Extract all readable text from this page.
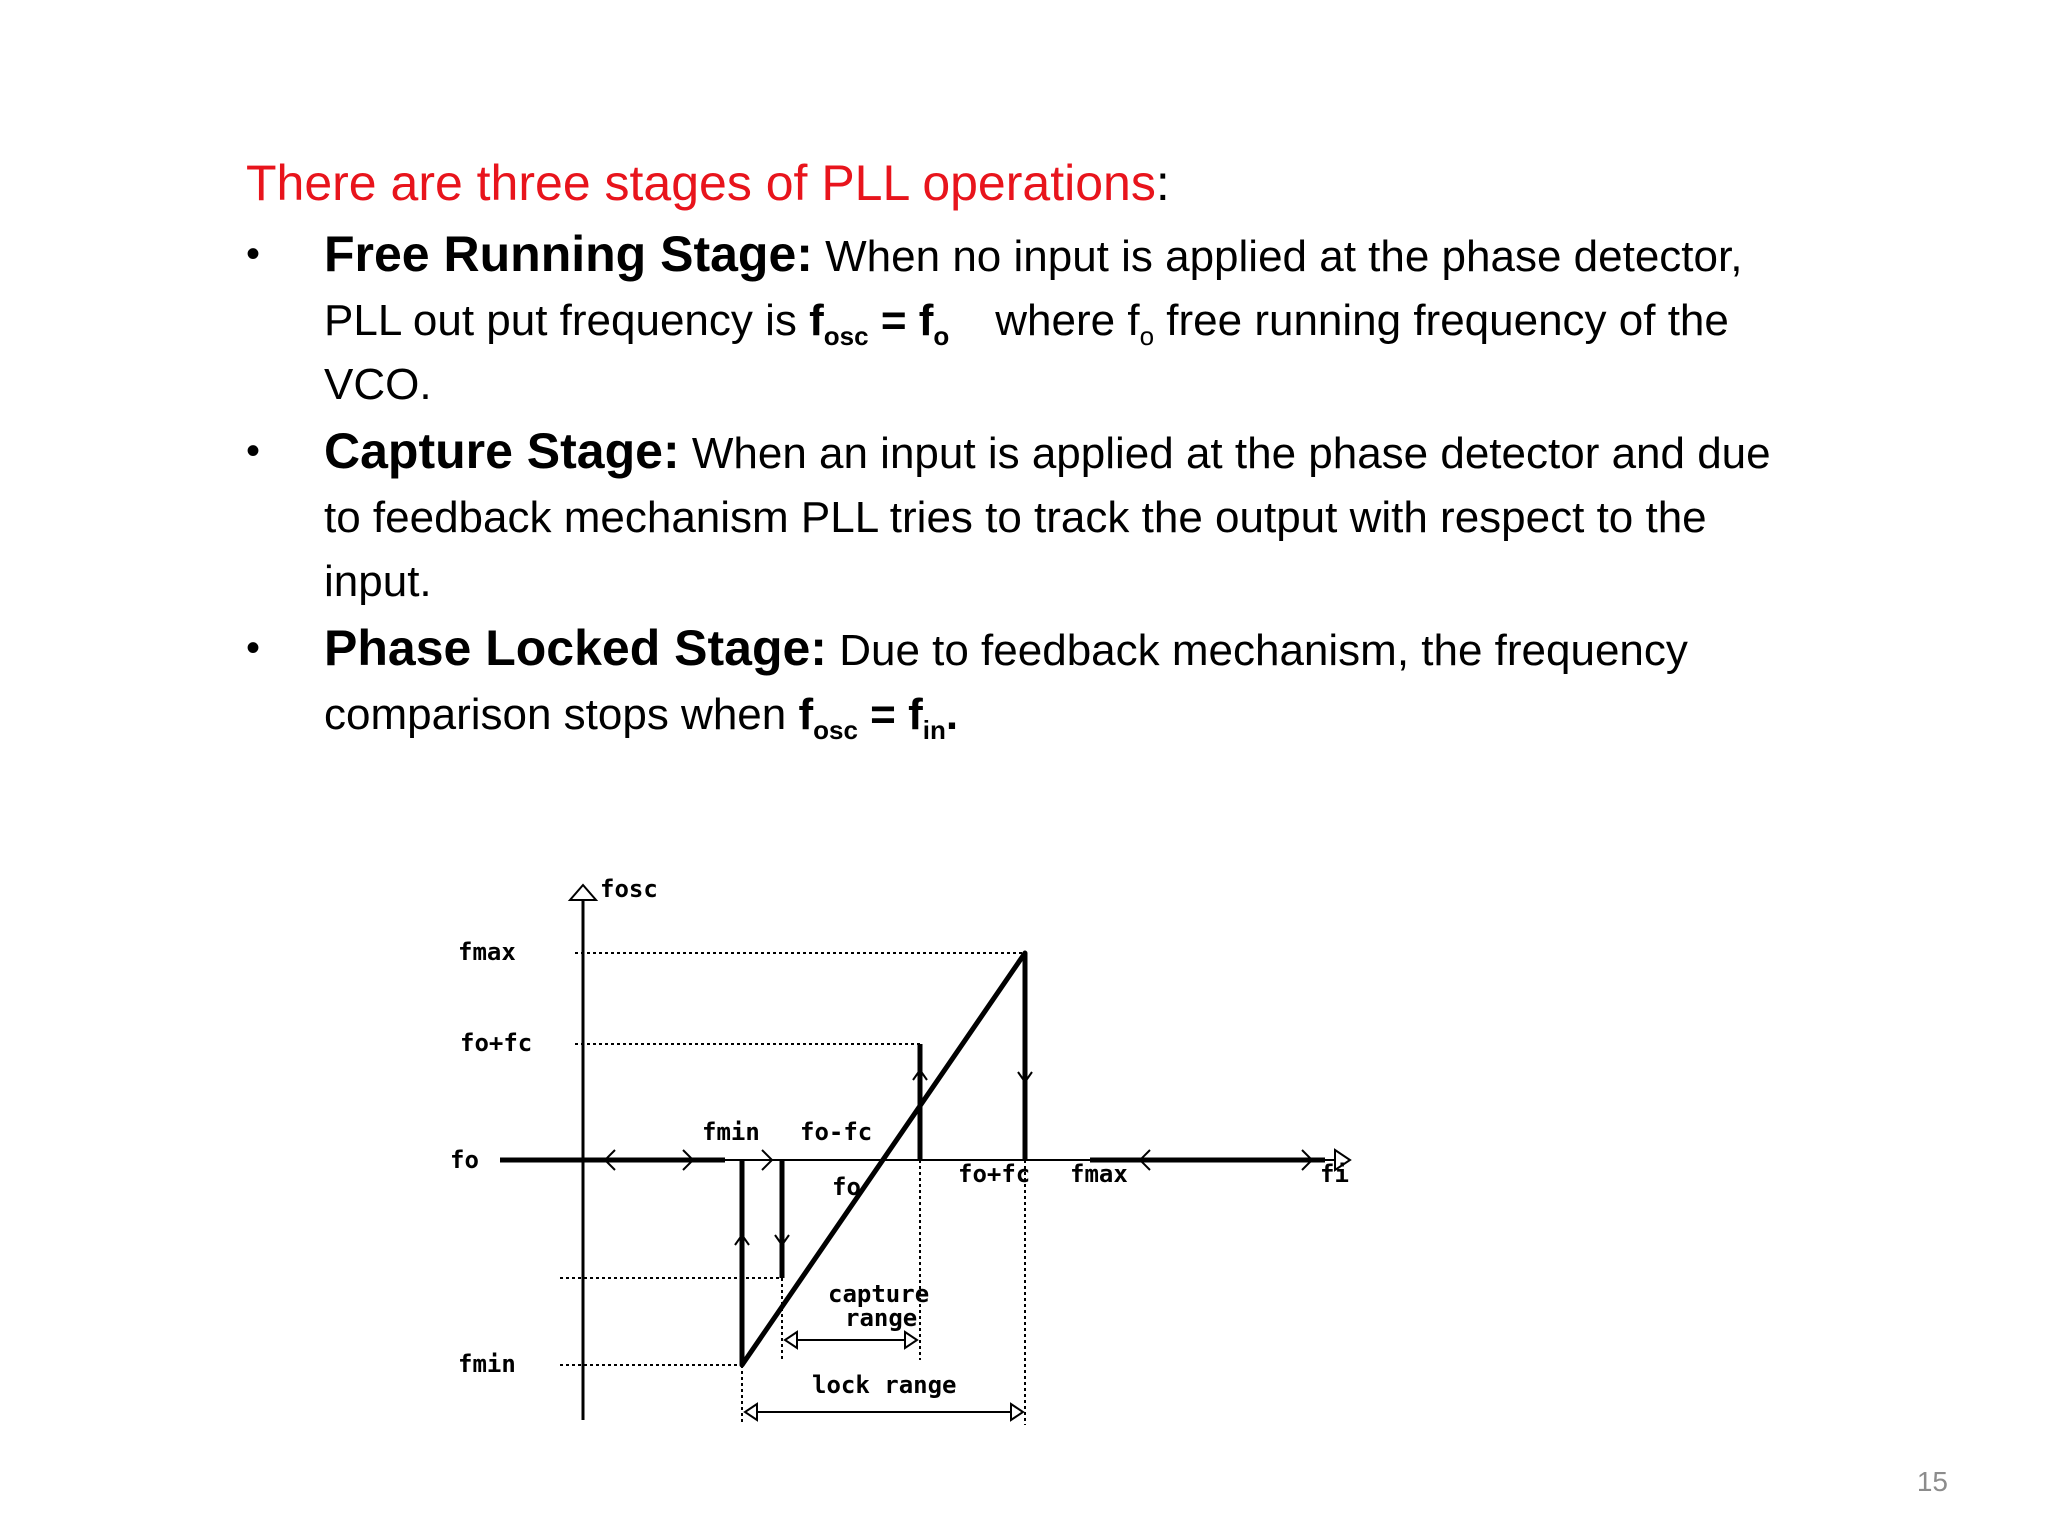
There are three stages of PLL operations:

• Free Running Stage: When no input is applied at the phase detector, PLL out put frequency is $f_{osc} = f_o$ where $f_o$ free running frequency of the VCO.
• Capture Stage: When an input is applied at the phase detector and due to feedback mechanism PLL tries to track the output with respect to the input.
• Phase Locked Stage: Due to feedback mechanism, the frequency comparison stops when $f_{osc} = f_{in}$.
fosc
fmax
fo+fc
fo
fmin
fmin fo-fc
fo	fo+fc fmax	fi
capture
range
lock range
15
